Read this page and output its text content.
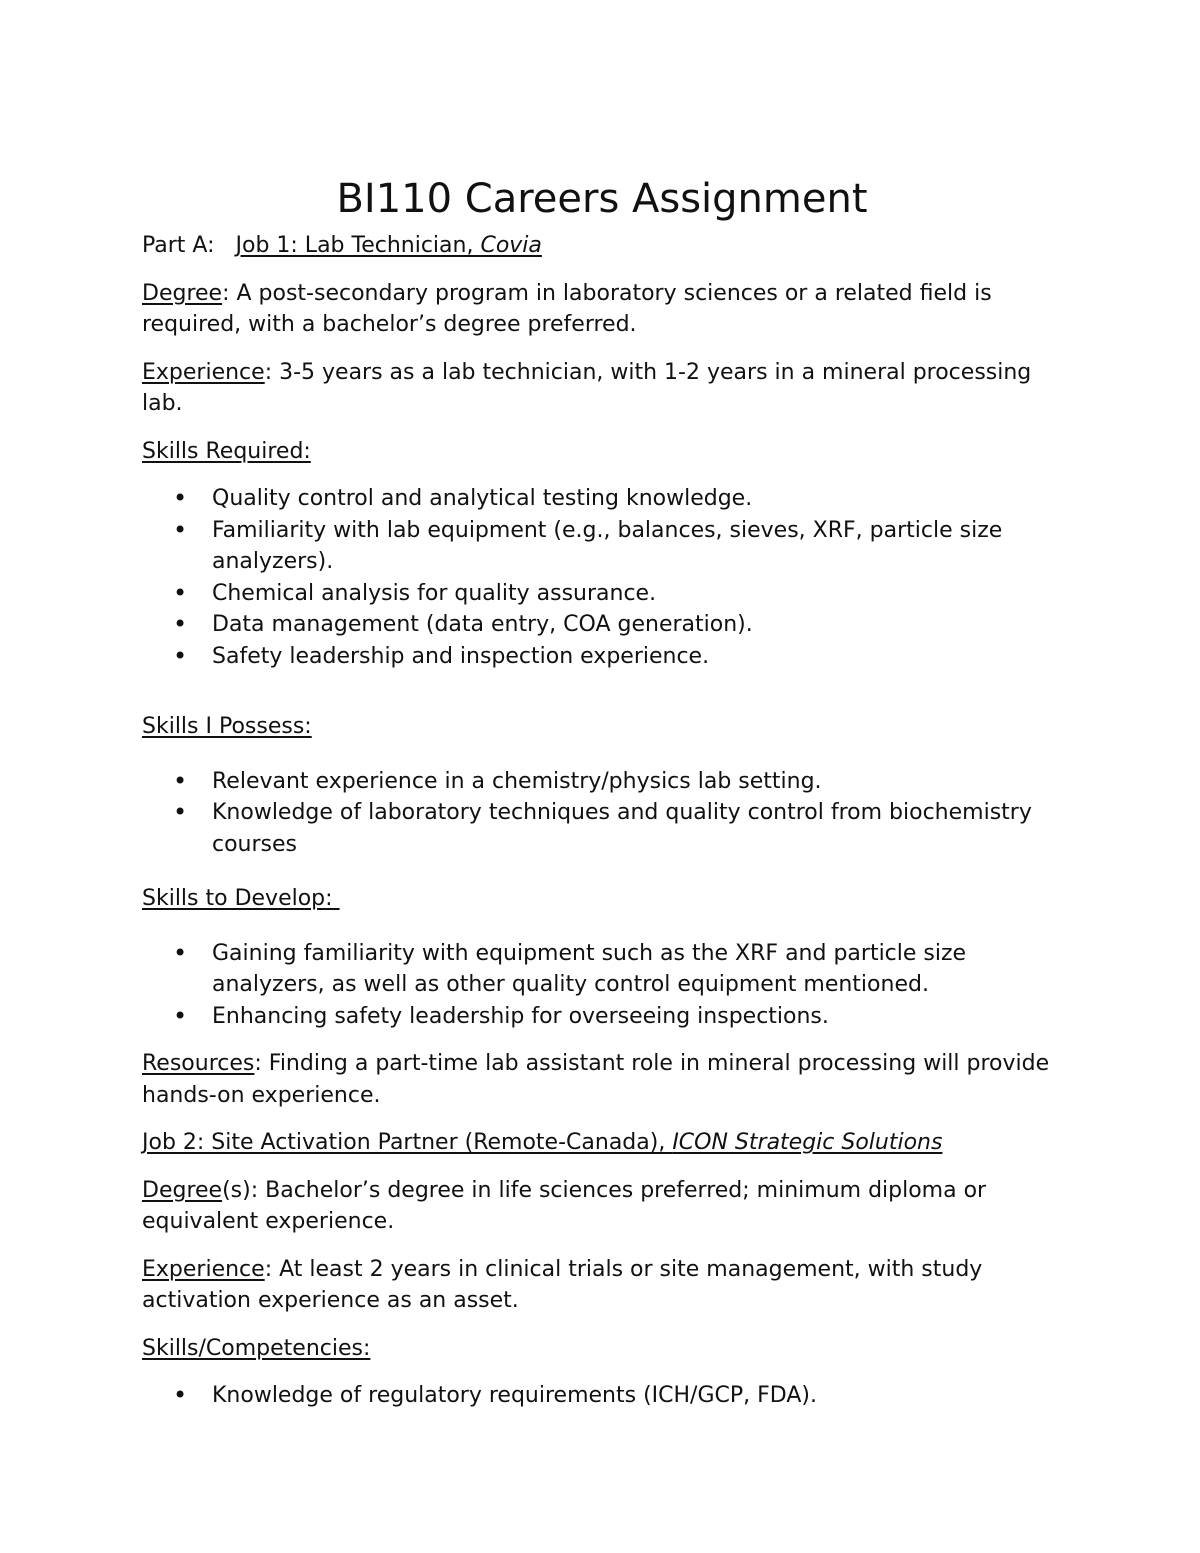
BI110 Careers Assignment

Part A: Job 1: Lab Technician, Covia

Degree: A post-secondary program in laboratory sciences or a related field is required, with a bachelor’s degree preferred.

Experience: 3-5 years as a lab technician, with 1-2 years in a mineral processing lab.

Skills Required:

• Quality control and analytical testing knowledge.
• Familiarity with lab equipment (e.g., balances, sieves, XRF, particle size analyzers).
• Chemical analysis for quality assurance.
• Data management (data entry, COA generation).
• Safety leadership and inspection experience.

Skills I Possess:

• Relevant experience in a chemistry/physics lab setting.
• Knowledge of laboratory techniques and quality control from biochemistry courses

Skills to Develop:

• Gaining familiarity with equipment such as the XRF and particle size analyzers, as well as other quality control equipment mentioned.
• Enhancing safety leadership for overseeing inspections.

Resources: Finding a part-time lab assistant role in mineral processing will provide hands-on experience.

Job 2: Site Activation Partner (Remote-Canada), ICON Strategic Solutions

Degree(s): Bachelor’s degree in life sciences preferred; minimum diploma or equivalent experience.

Experience: At least 2 years in clinical trials or site management, with study activation experience as an asset.

Skills/Competencies:

• Knowledge of regulatory requirements (ICH/GCP, FDA).
